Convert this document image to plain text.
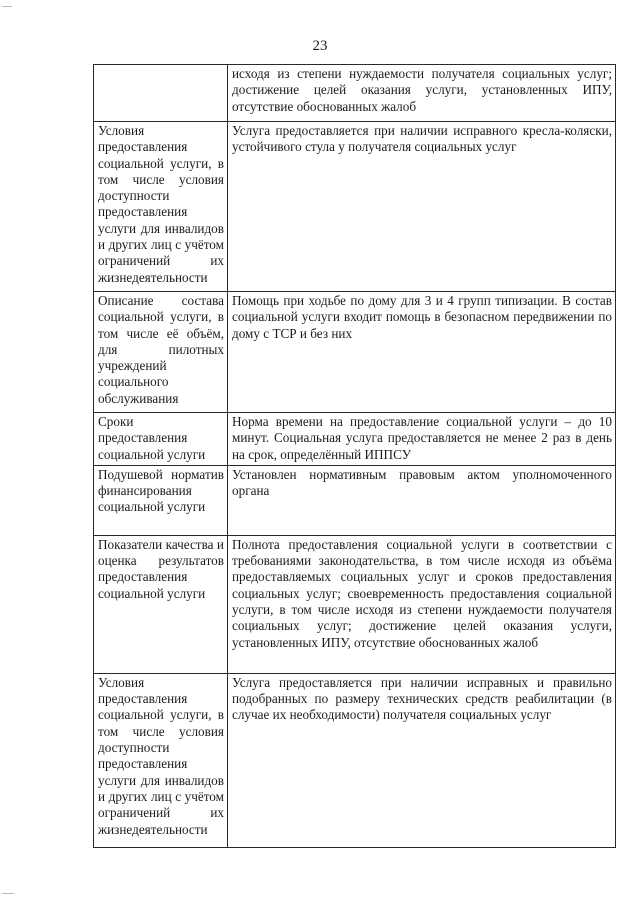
23
	исходя из степени нуждаемости получателя социальных услуг; достижение целей оказания услуги, установленных ИПУ, отсутствие обоснованных жалоб
Условия предоставления социальной услуги, в том числе условия доступности предоставления услуги для инвалидов и других лиц с учётом ограничений их жизнедеятельности	Услуга предоставляется при наличии исправного кресла-коляски, устойчивого стула у получателя социальных услуг
Описание состава социальной услуги, в том числе её объём, для пилотных учреждений социального обслуживания	Помощь при ходьбе по дому для 3 и 4 групп типизации. В состав социальной услуги входит помощь в безопасном передвижении по дому с ТСР и без них
Сроки предоставления социальной услуги	Норма времени на предоставление социальной услуги – до 10 минут. Социальная услуга предоставляется не менее 2 раз в день на срок, определённый ИППСУ
Подушевой норматив финансирования социальной услуги	Установлен нормативным правовым актом уполномоченного органа
Показатели качества и оценка результатов предоставления социальной услуги	Полнота предоставления социальной услуги в соответствии с требованиями законодательства, в том числе исходя из объёма предоставляемых социальных услуг и сроков предоставления социальных услуг; своевременность предоставления социальной услуги, в том числе исходя из степени нуждаемости получателя социальных услуг; достижение целей оказания услуги, установленных ИПУ, отсутствие обоснованных жалоб
Условия предоставления социальной услуги, в том числе условия доступности предоставления услуги для инвалидов и других лиц с учётом ограничений их жизнедеятельности	Услуга предоставляется при наличии исправных и правильно подобранных по размеру технических средств реабилитации (в случае их необходимости) получателя социальных услуг
